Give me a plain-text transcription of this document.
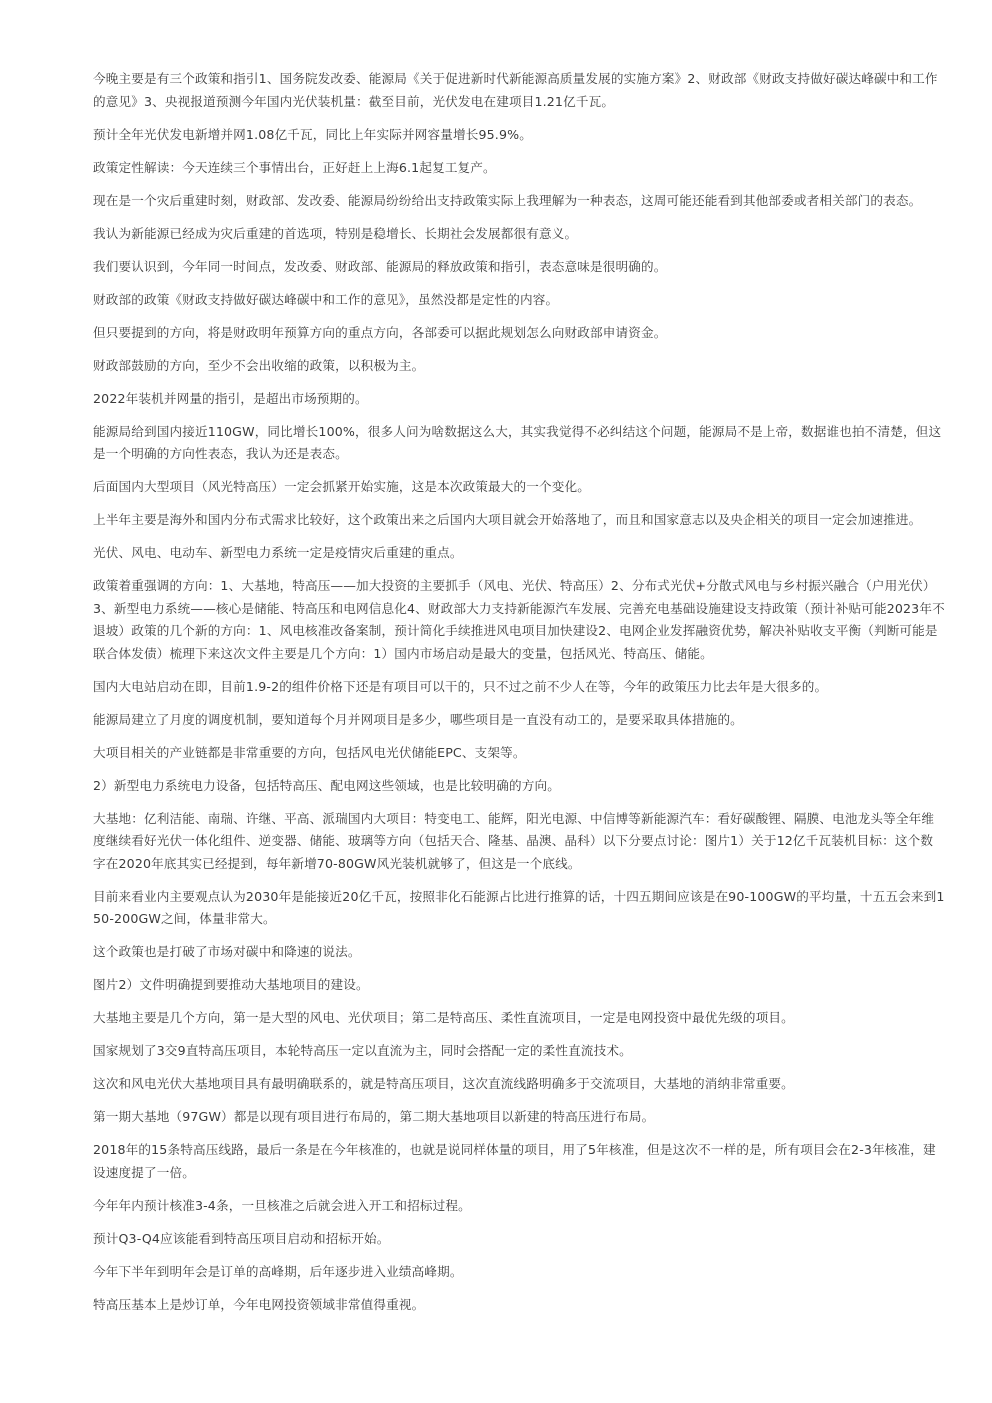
今晚主要是有三个政策和指引1、国务院发改委、能源局《关于促进新时代新能源高质量发展的实施方案》2、财政部《财政支持做好碳达峰碳中和工作的意见》3、央视报道预测今年国内光伏装机量：截至目前，光伏发电在建项目1.21亿千瓦。

预计全年光伏发电新增并网1.08亿千瓦，同比上年实际并网容量增长95.9%。

政策定性解读：今天连续三个事情出台，正好赶上上海6.1起复工复产。

现在是一个灾后重建时刻，财政部、发改委、能源局纷纷给出支持政策实际上我理解为一种表态，这周可能还能看到其他部委或者相关部门的表态。

我认为新能源已经成为灾后重建的首选项，特别是稳增长、长期社会发展都很有意义。

我们要认识到，今年同一时间点，发改委、财政部、能源局的释放政策和指引，表态意味是很明确的。

财政部的政策《财政支持做好碳达峰碳中和工作的意见》，虽然没都是定性的内容。

但只要提到的方向，将是财政明年预算方向的重点方向，各部委可以据此规划怎么向财政部申请资金。

财政部鼓励的方向，至少不会出收缩的政策，以积极为主。

2022年装机并网量的指引，是超出市场预期的。

能源局给到国内接近110GW，同比增长100%，很多人问为啥数据这么大，其实我觉得不必纠结这个问题，能源局不是上帝，数据谁也拍不清楚，但这是一个明确的方向性表态，我认为还是表态。

后面国内大型项目（风光特高压）一定会抓紧开始实施，这是本次政策最大的一个变化。

上半年主要是海外和国内分布式需求比较好，这个政策出来之后国内大项目就会开始落地了，而且和国家意志以及央企相关的项目一定会加速推进。

光伏、风电、电动车、新型电力系统一定是疫情灾后重建的重点。

政策着重强调的方向：1、大基地，特高压——加大投资的主要抓手（风电、光伏、特高压）2、分布式光伏+分散式风电与乡村振兴融合（户用光伏）3、新型电力系统——核心是储能、特高压和电网信息化4、财政部大力支持新能源汽车发展、完善充电基础设施建设支持政策（预计补贴可能2023年不退坡）政策的几个新的方向：1、风电核准改备案制，预计简化手续推进风电项目加快建设2、电网企业发挥融资优势，解决补贴收支平衡（判断可能是联合体发债）梳理下来这次文件主要是几个方向：1）国内市场启动是最大的变量，包括风光、特高压、储能。

国内大电站启动在即，目前1.9-2的组件价格下还是有项目可以干的，只不过之前不少人在等，今年的政策压力比去年是大很多的。

能源局建立了月度的调度机制，要知道每个月并网项目是多少，哪些项目是一直没有动工的，是要采取具体措施的。

大项目相关的产业链都是非常重要的方向，包括风电光伏储能EPC、支架等。

2）新型电力系统电力设备，包括特高压、配电网这些领域，也是比较明确的方向。

大基地：亿利洁能、南瑞、许继、平高、派瑞国内大项目：特变电工、能辉，阳光电源、中信博等新能源汽车：看好碳酸锂、隔膜、电池龙头等全年维度继续看好光伏一体化组件、逆变器、储能、玻璃等方向（包括天合、隆基、晶澳、晶科）以下分要点讨论：图片1）关于12亿千瓦装机目标：这个数字在2020年底其实已经提到，每年新增70-80GW风光装机就够了，但这是一个底线。

目前来看业内主要观点认为2030年是能接近20亿千瓦，按照非化石能源占比进行推算的话，十四五期间应该是在90-100GW的平均量，十五五会来到150-200GW之间，体量非常大。

这个政策也是打破了市场对碳中和降速的说法。

图片2）文件明确提到要推动大基地项目的建设。

大基地主要是几个方向，第一是大型的风电、光伏项目；第二是特高压、柔性直流项目，一定是电网投资中最优先级的项目。

国家规划了3交9直特高压项目，本轮特高压一定以直流为主，同时会搭配一定的柔性直流技术。

这次和风电光伏大基地项目具有最明确联系的，就是特高压项目，这次直流线路明确多于交流项目，大基地的消纳非常重要。

第一期大基地（97GW）都是以现有项目进行布局的，第二期大基地项目以新建的特高压进行布局。

2018年的15条特高压线路，最后一条是在今年核准的，也就是说同样体量的项目，用了5年核准，但是这次不一样的是，所有项目会在2-3年核准，建设速度提了一倍。

今年年内预计核准3-4条，一旦核准之后就会进入开工和招标过程。

预计Q3-Q4应该能看到特高压项目启动和招标开始。

今年下半年到明年会是订单的高峰期，后年逐步进入业绩高峰期。

特高压基本上是炒订单，今年电网投资领域非常值得重视。
